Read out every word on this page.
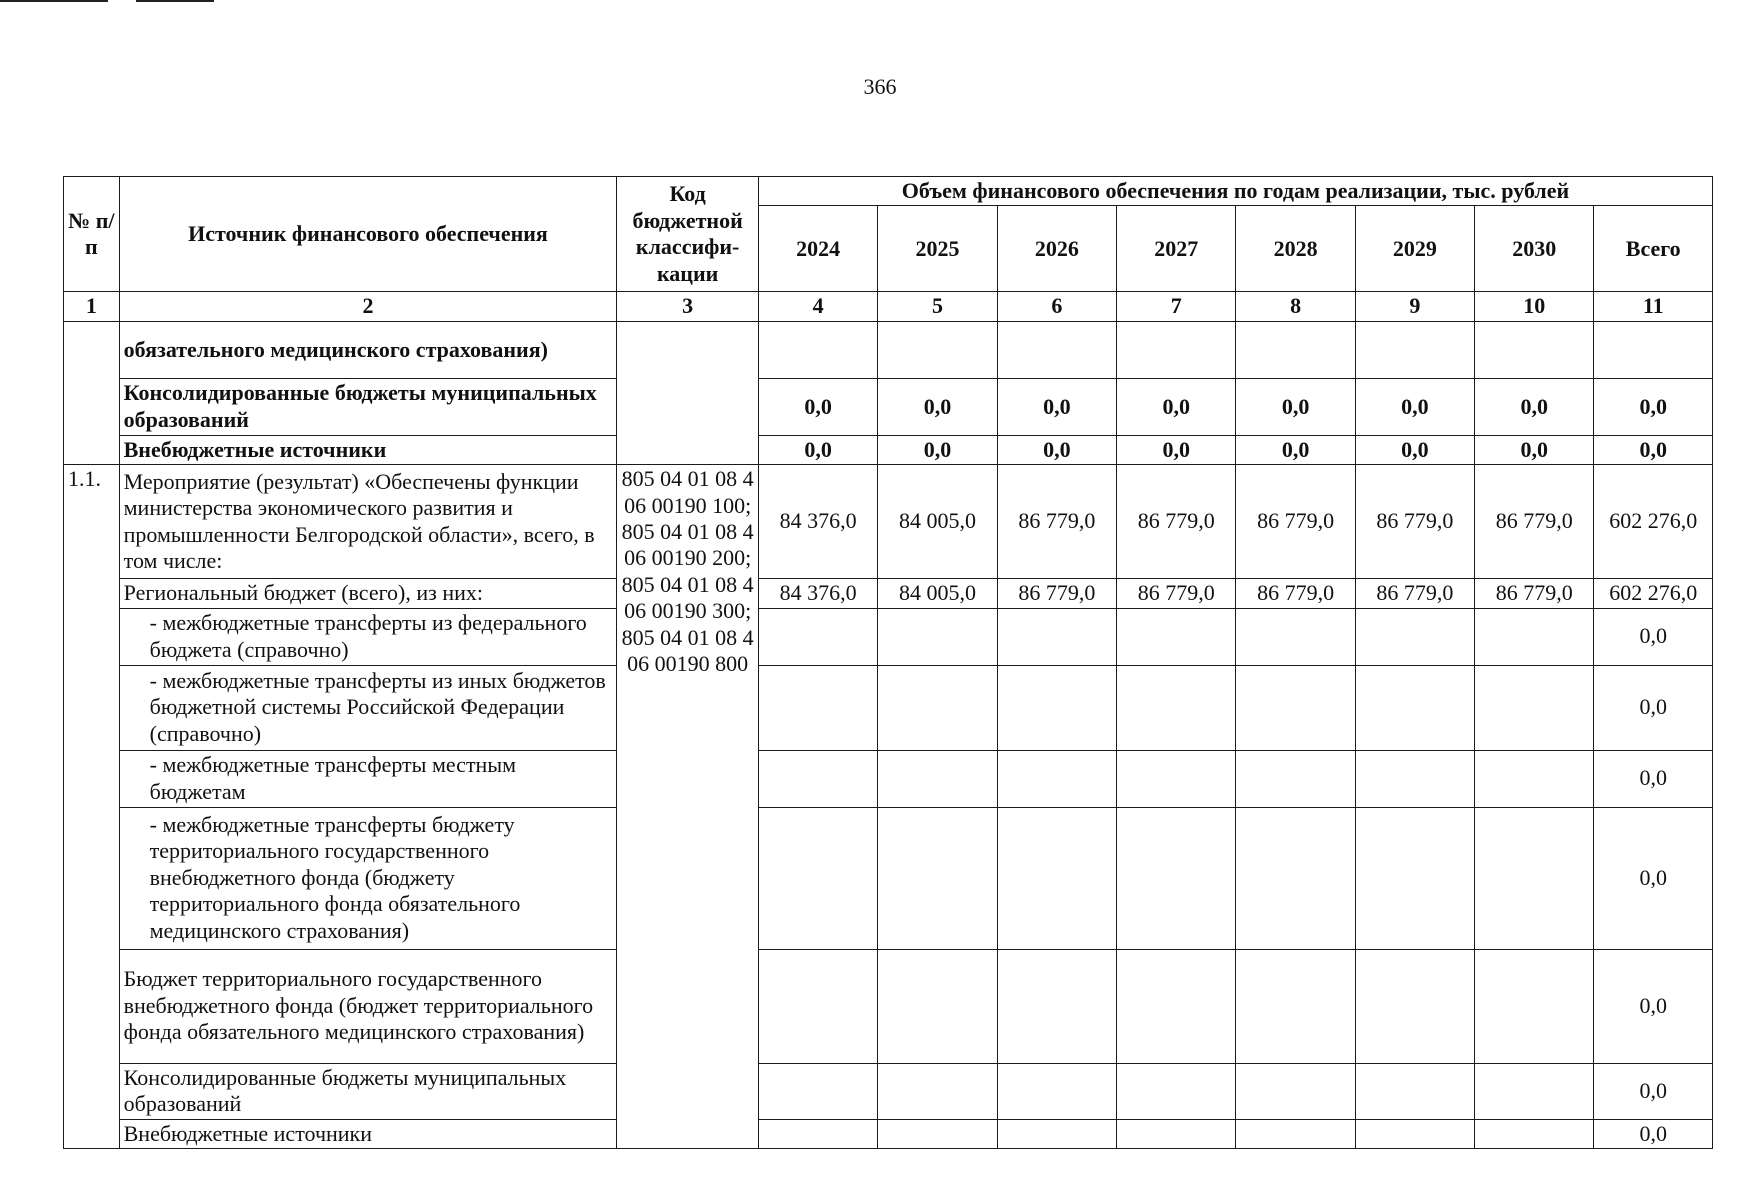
366
№ п/п	Источник финансового обеспечения	Код бюджетной классифи-кации	Объем финансового обеспечения по годам реализации, тыс. рублей							
			2024	2025	2026	2027	2028	2029	2030	Всего
1	2	3	4	5	6	7	8	9	10	11
	обязательного медицинского страхования)									
	Консолидированные бюджеты муниципальных образований		0,0	0,0	0,0	0,0	0,0	0,0	0,0	0,0
	Внебюджетные источники		0,0	0,0	0,0	0,0	0,0	0,0	0,0	0,0
1.1.	Мероприятие (результат) «Обеспечены функции министерства экономического развития и промышленности Белгородской области», всего, в том числе:	805 04 01 08 4 06 00190 100; 805 04 01 08 4 06 00190 200; 805 04 01 08 4 06 00190 300; 805 04 01 08 4 06 00190 800	84 376,0	84 005,0	86 779,0	86 779,0	86 779,0	86 779,0	86 779,0	602 276,0
	Региональный бюджет (всего), из них:		84 376,0	84 005,0	86 779,0	86 779,0	86 779,0	86 779,0	86 779,0	602 276,0
	- межбюджетные трансферты из федерального бюджета (справочно)									0,0
	- межбюджетные трансферты из иных бюджетов бюджетной системы Российской Федерации (справочно)									0,0
	- межбюджетные трансферты местным бюджетам									0,0
	- межбюджетные трансферты бюджету территориального государственного внебюджетного фонда (бюджету территориального фонда обязательного медицинского страхования)									0,0
	Бюджет территориального государственного внебюджетного фонда (бюджет территориального фонда обязательного медицинского страхования)									0,0
	Консолидированные бюджеты муниципальных образований									0,0
	Внебюджетные источники									0,0
